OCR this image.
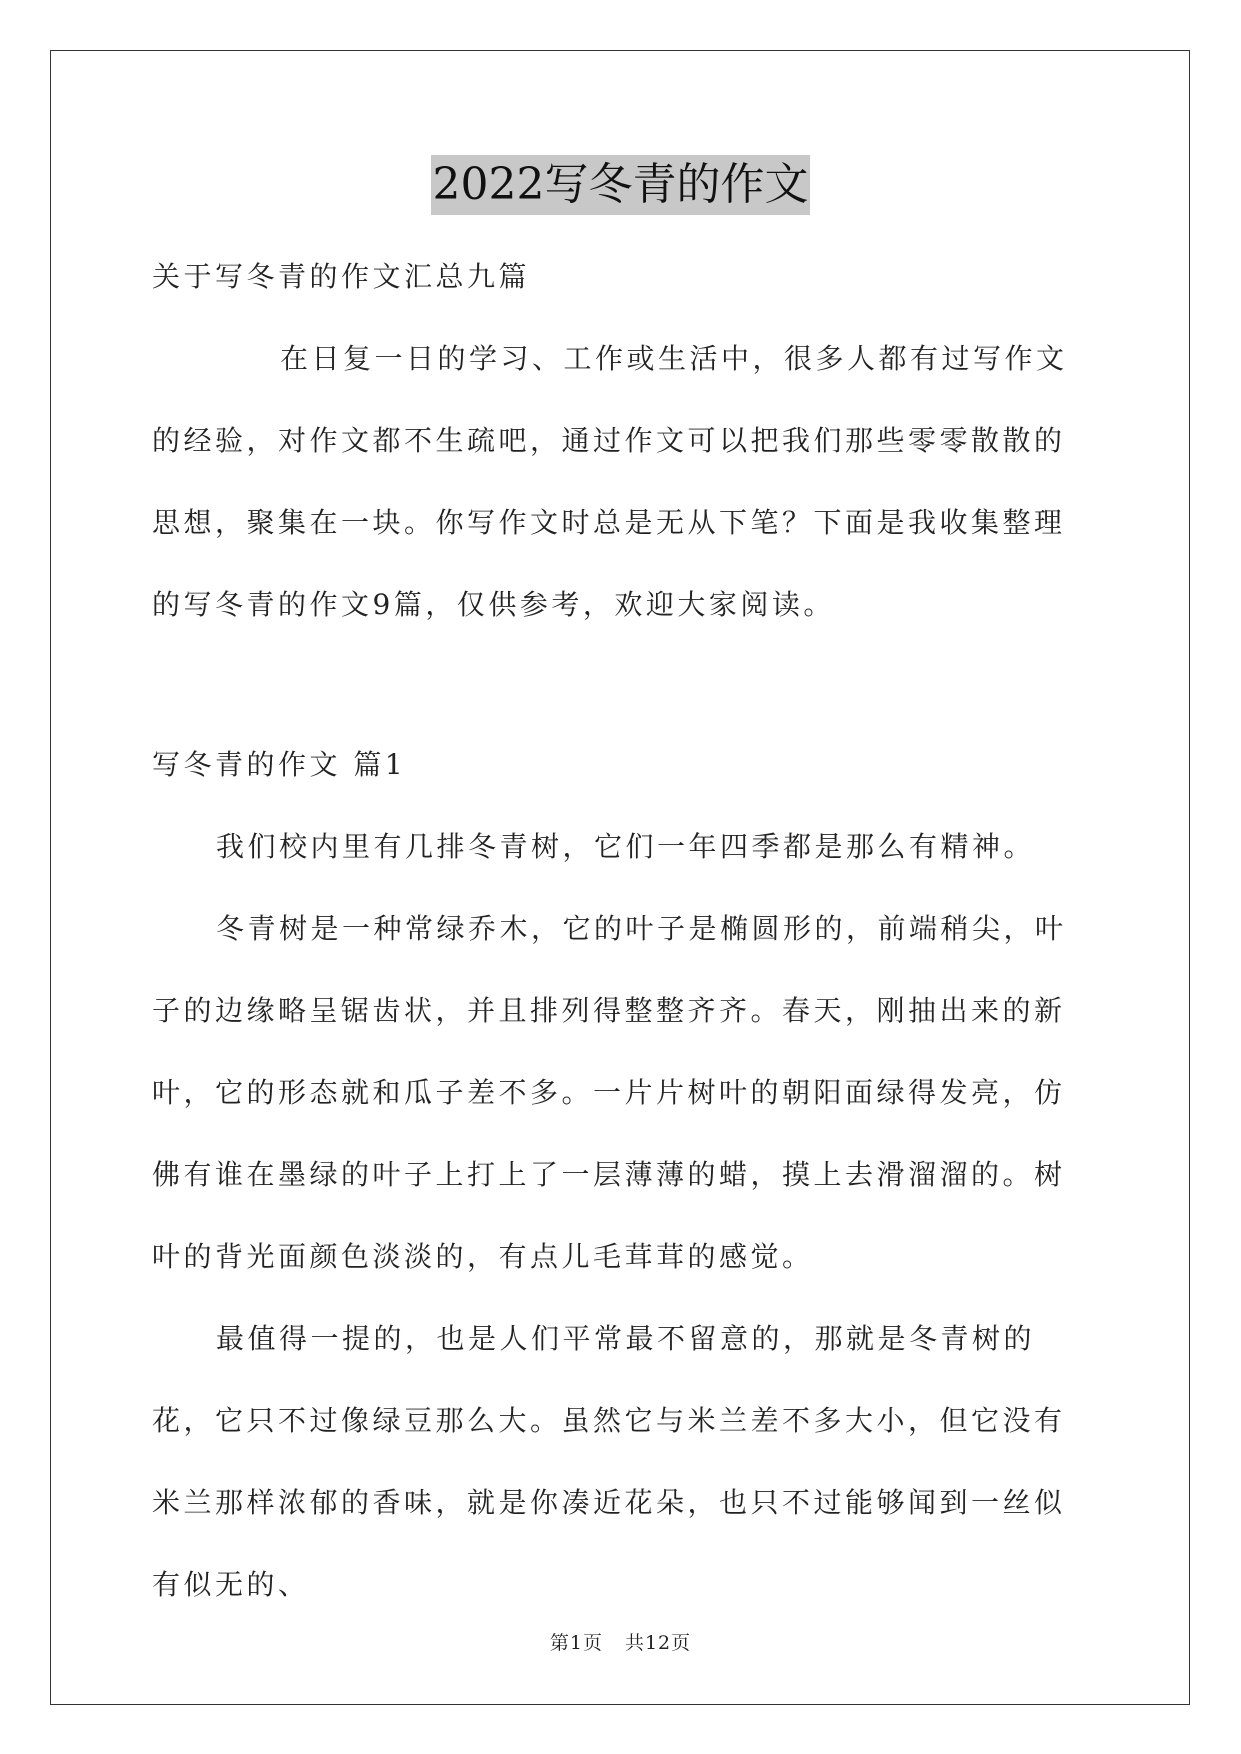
2022写冬青的作文

关于写冬青的作文汇总九篇

在日复一日的学习、工作或生活中，很多人都有过写作文的经验，对作文都不生疏吧，通过作文可以把我们那些零零散散的思想，聚集在一块。你写作文时总是无从下笔？下面是我收集整理的写冬青的作文9篇，仅供参考，欢迎大家阅读。

写冬青的作文 篇1

我们校内里有几排冬青树，它们一年四季都是那么有精神。

冬青树是一种常绿乔木，它的叶子是椭圆形的，前端稍尖，叶子的边缘略呈锯齿状，并且排列得整整齐齐。春天，刚抽出来的新叶，它的形态就和瓜子差不多。一片片树叶的朝阳面绿得发亮，仿佛有谁在墨绿的叶子上打上了一层薄薄的蜡，摸上去滑溜溜的。树叶的背光面颜色淡淡的，有点儿毛茸茸的感觉。

最值得一提的，也是人们平常最不留意的，那就是冬青树的花，它只不过像绿豆那么大。虽然它与米兰差不多大小，但它没有米兰那样浓郁的香味，就是你凑近花朵，也只不过能够闻到一丝似有似无的、

第1页 共12页
